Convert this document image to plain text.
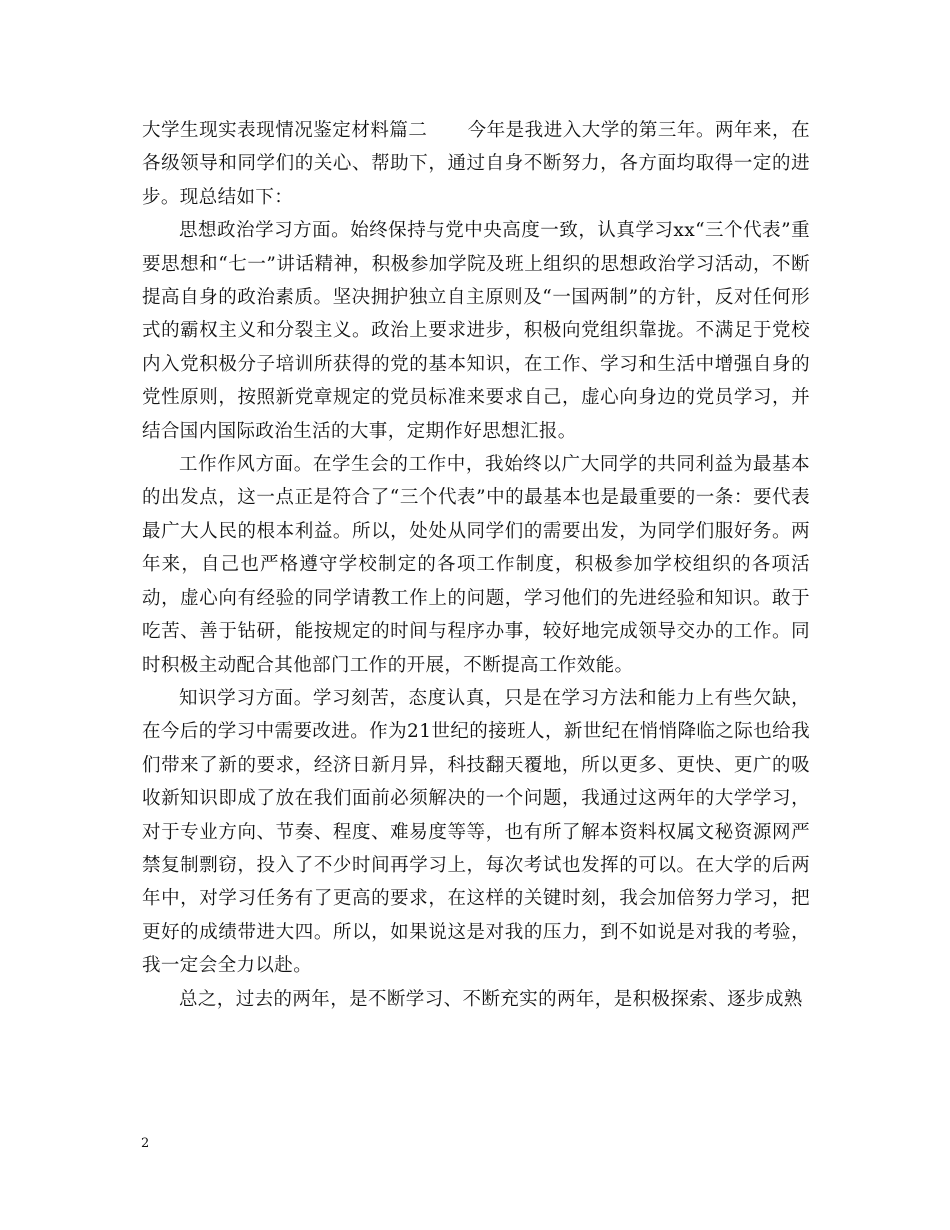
大学生现实表现情况鉴定材料篇二 今年是我进入大学的第三年。两年来，在各级领导和同学们的关心、帮助下，通过自身不断努力，各方面均取得一定的进步。现总结如下：

思想政治学习方面。始终保持与党中央高度一致，认真学习xx“三个代表”重要思想和“七一”讲话精神，积极参加学院及班上组织的思想政治学习活动，不断提高自身的政治素质。坚决拥护独立自主原则及“一国两制”的方针，反对任何形式的霸权主义和分裂主义。政治上要求进步，积极向党组织靠拢。不满足于党校内入党积极分子培训所获得的党的基本知识，在工作、学习和生活中增强自身的党性原则，按照新党章规定的党员标准来要求自己，虚心向身边的党员学习，并结合国内国际政治生活的大事，定期作好思想汇报。

工作作风方面。在学生会的工作中，我始终以广大同学的共同利益为最基本的出发点，这一点正是符合了“三个代表”中的最基本也是最重要的一条：要代表最广大人民的根本利益。所以，处处从同学们的需要出发，为同学们服好务。两年来，自己也严格遵守学校制定的各项工作制度，积极参加学校组织的各项活动，虚心向有经验的同学请教工作上的问题，学习他们的先进经验和知识。敢于吃苦、善于钻研，能按规定的时间与程序办事，较好地完成领导交办的工作。同时积极主动配合其他部门工作的开展，不断提高工作效能。

知识学习方面。学习刻苦，态度认真，只是在学习方法和能力上有些欠缺，在今后的学习中需要改进。作为21世纪的接班人，新世纪在悄悄降临之际也给我们带来了新的要求，经济日新月异，科技翻天覆地，所以更多、更快、更广的吸收新知识即成了放在我们面前必须解决的一个问题，我通过这两年的大学学习，对于专业方向、节奏、程度、难易度等等，也有所了解本资料权属文秘资源网严禁复制剽窃，投入了不少时间再学习上，每次考试也发挥的可以。在大学的后两年中，对学习任务有了更高的要求，在这样的关键时刻，我会加倍努力学习，把更好的成绩带进大四。所以，如果说这是对我的压力，到不如说是对我的考验，我一定会全力以赴。

总之，过去的两年，是不断学习、不断充实的两年，是积极探索、逐步成熟

2
